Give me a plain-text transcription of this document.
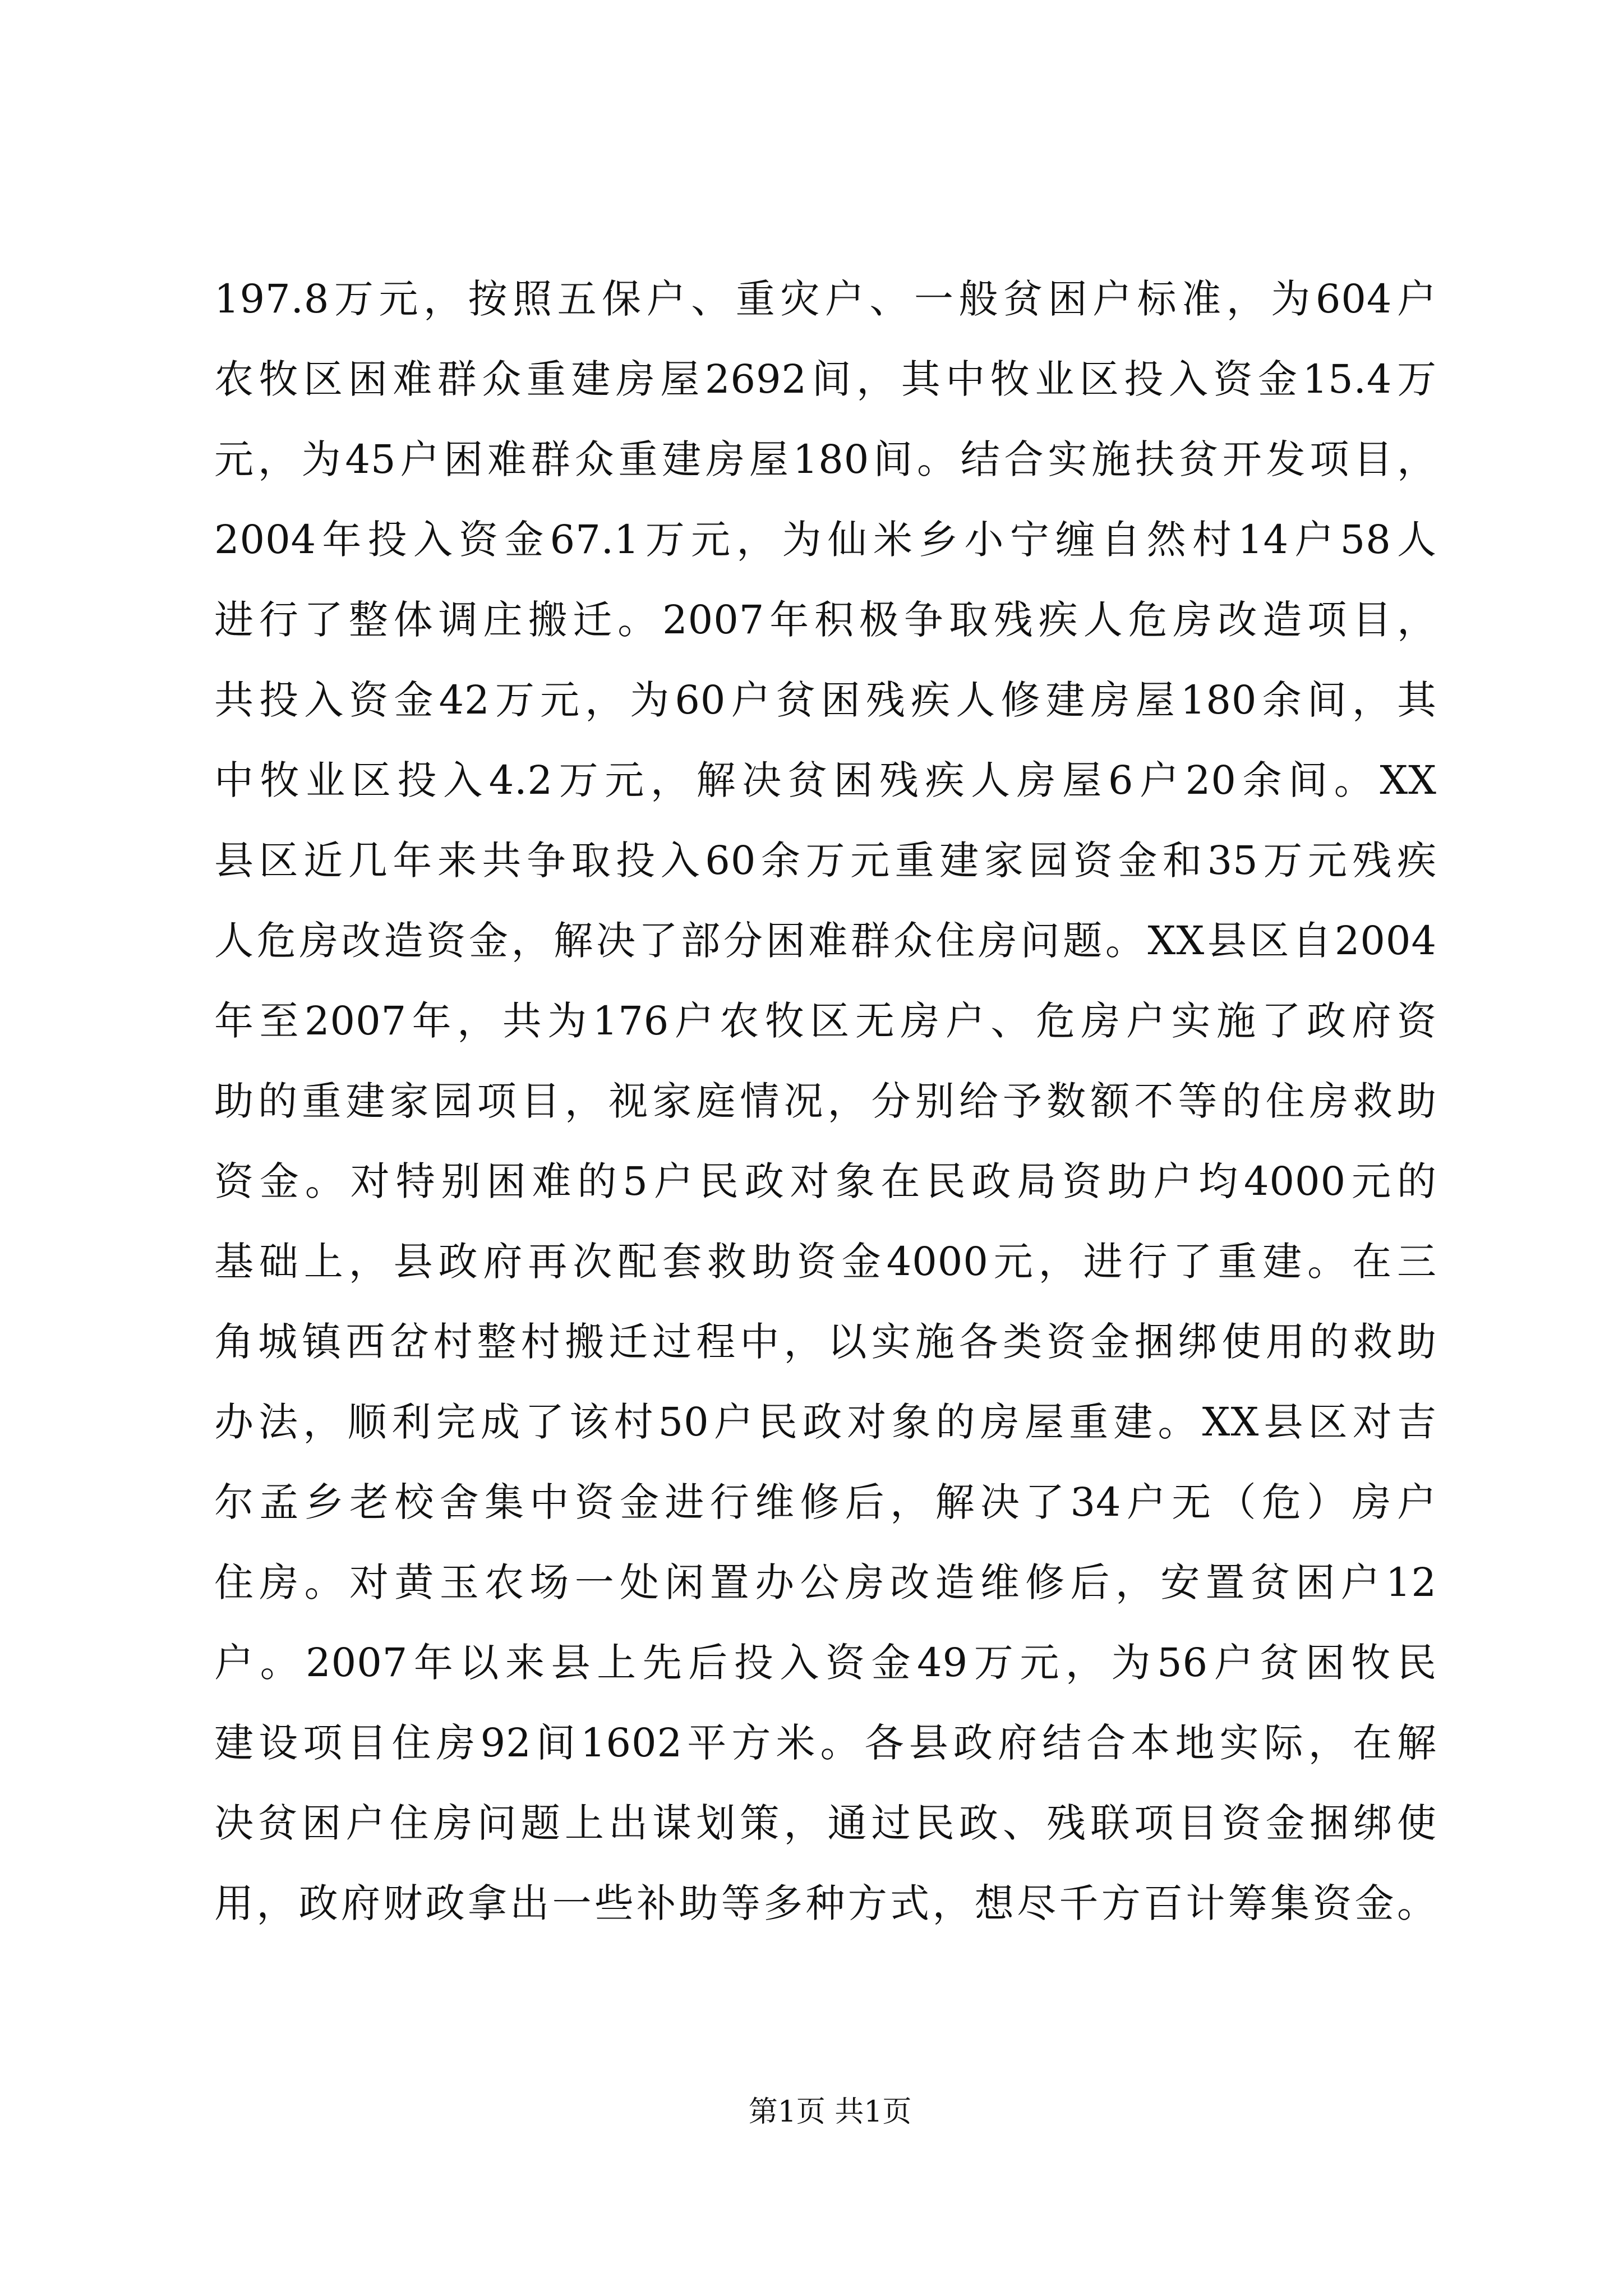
197.8万元，按照五保户、重灾户、一般贫困户标准，为604户
农牧区困难群众重建房屋2692间，其中牧业区投入资金15.4万
元，为45户困难群众重建房屋180间。结合实施扶贫开发项目，
2004年投入资金67.1万元，为仙米乡小宁缠自然村14户58人
进行了整体调庄搬迁。2007年积极争取残疾人危房改造项目，
共投入资金42万元，为60户贫困残疾人修建房屋180余间，其
中牧业区投入4.2万元，解决贫困残疾人房屋6户20余间。XX
县区近几年来共争取投入60余万元重建家园资金和35万元残疾
人危房改造资金，解决了部分困难群众住房问题。XX县区自2004
年至2007年，共为176户农牧区无房户、危房户实施了政府资
助的重建家园项目，视家庭情况，分别给予数额不等的住房救助
资金。对特别困难的5户民政对象在民政局资助户均4000元的
基础上，县政府再次配套救助资金4000元，进行了重建。在三
角城镇西岔村整村搬迁过程中，以实施各类资金捆绑使用的救助
办法，顺利完成了该村50户民政对象的房屋重建。XX县区对吉
尔孟乡老校舍集中资金进行维修后，解决了34户无（危）房户
住房。对黄玉农场一处闲置办公房改造维修后，安置贫困户12
户。2007年以来县上先后投入资金49万元，为56户贫困牧民
建设项目住房92间1602平方米。各县政府结合本地实际，在解
决贫困户住房问题上出谋划策，通过民政、残联项目资金捆绑使
用，政府财政拿出一些补助等多种方式，想尽千方百计筹集资金。

第1页 共1页
